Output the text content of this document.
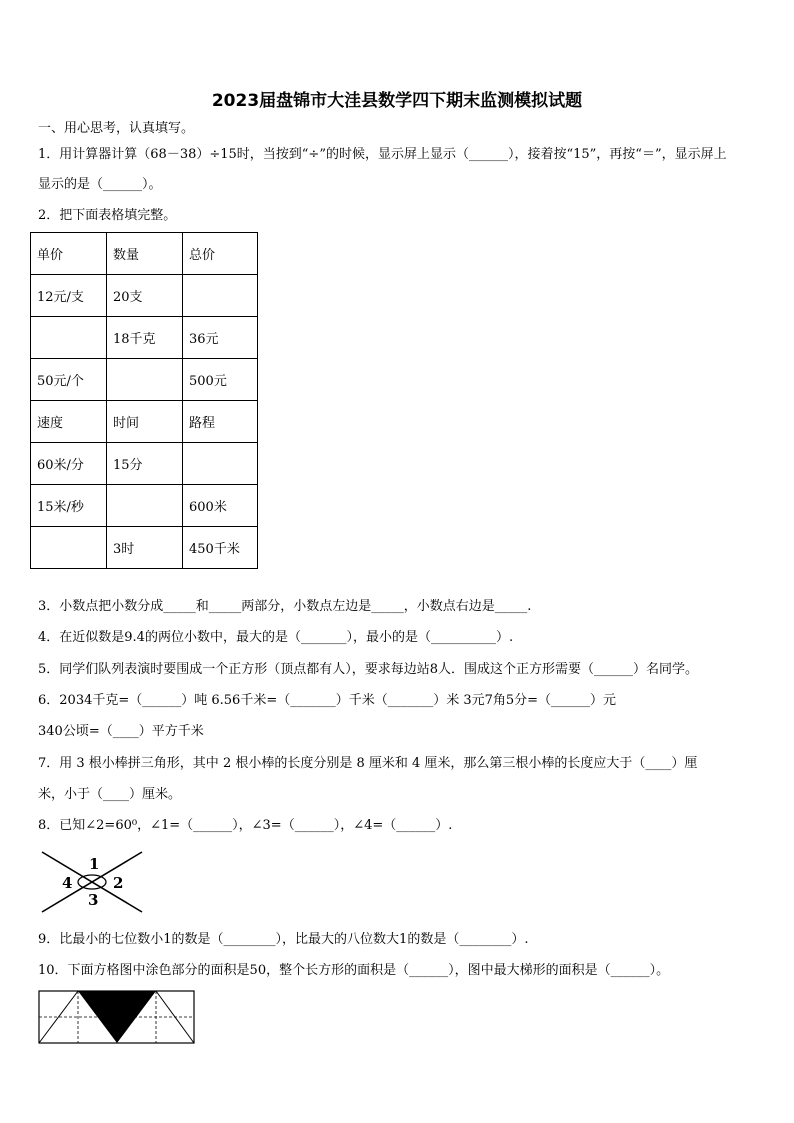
2023届盘锦市大洼县数学四下期末监测模拟试题
一、用心思考，认真填写。
1．用计算器计算（68－38）÷15时，当按到“÷”的时候，显示屏上显示（______），接着按“15”，再按“＝”，显示屏上
显示的是（______）。
2．把下面表格填完整。
单价	数量	总价
12元/支	20支	
	18千克	36元
50元/个		500元
速度	时间	路程
60米/分	15分	
15米/秒		600米
	3时	450千米
3．小数点把小数分成_____和_____两部分，小数点左边是_____，小数点右边是_____.
4．在近似数是9.4的两位小数中，最大的是（_______），最小的是（__________）.
5．同学们队列表演时要围成一个正方形（顶点都有人），要求每边站8人．围成这个正方形需要（______）名同学。
6．2034千克=（______）吨 6.56千米=（_______）千米（_______）米 3元7角5分=（______）元
340公顷=（____）平方千米
7．用 3 根小棒拼三角形，其中 2 根小棒的长度分别是 8 厘米和 4 厘米，那么第三根小棒的长度应大于（____）厘
米，小于（____）厘米。
8．已知∠2=60⁰，∠1=（______），∠3=（______），∠4=（______）.
1
2
3
4
9．比最小的七位数小1的数是（________），比最大的八位数大1的数是（________）.
10．下面方格图中涂色部分的面积是50，整个长方形的面积是（______），图中最大梯形的面积是（______）。
